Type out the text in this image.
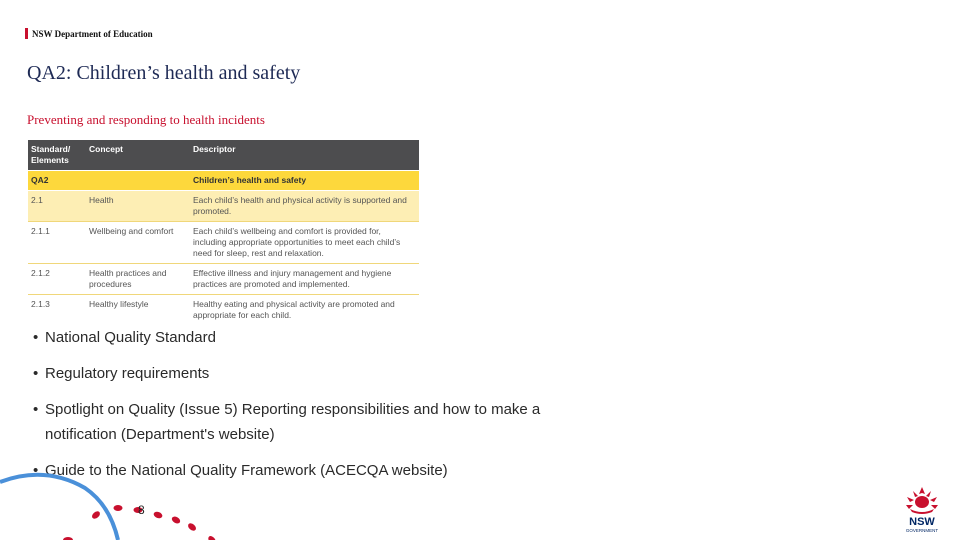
NSW Department of Education
QA2: Children’s health and safety
Preventing and responding to health incidents
Standard/ Elements	Concept	Descriptor
QA2		Children’s health and safety
2.1	Health	Each child’s health and physical activity is supported and promoted.
2.1.1	Wellbeing and comfort	Each child’s wellbeing and comfort is provided for, including appropriate opportunities to meet each child’s need for sleep, rest and relaxation.
2.1.2	Health practices and procedures	Effective illness and injury management and hygiene practices are promoted and implemented.
2.1.3	Healthy lifestyle	Healthy eating and physical activity are promoted and appropriate for each child.
• National Quality Standard
• Regulatory requirements
• Spotlight on Quality (Issue 5) Reporting responsibilities and how to make a notification (Department's website)
• Guide to the National Quality Framework (ACECQA website)
8
NSW
GOVERNMENT
